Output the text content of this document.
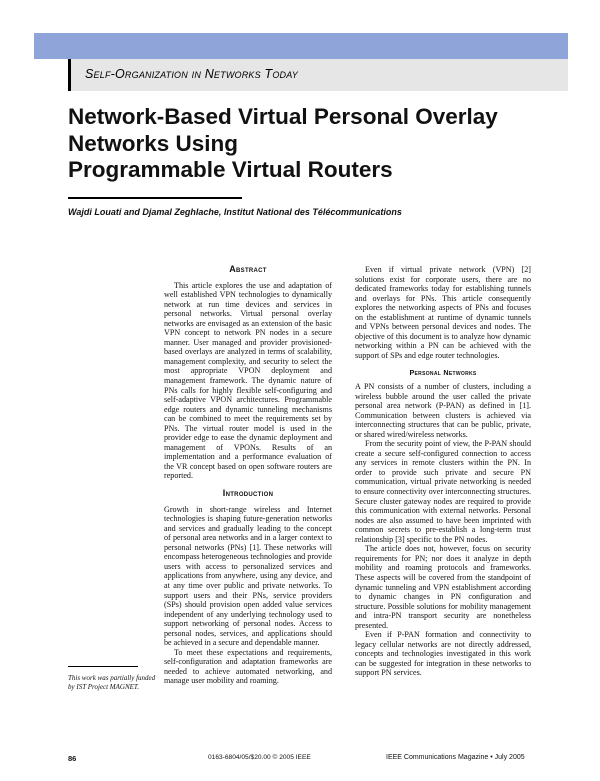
Self-Organization in Networks Today
Network-Based Virtual Personal Overlay
Networks Using
Programmable Virtual Routers
Wajdi Louati and Djamal Zeghlache, Institut National des Télécommunications
Abstract

This article explores the use and adaptation of well established VPN technologies to dynamically network at run time devices and services in personal networks. Virtual personal overlay networks are envisaged as an extension of the basic VPN concept to network PN nodes in a secure manner. User managed and provider provisioned-based overlays are analyzed in terms of scalability, management complexity, and security to select the most appropriate VPON deployment and management framework. The dynamic nature of PNs calls for highly flexible self-configuring and self-adaptive VPON architectures. Programmable edge routers and dynamic tunneling mechanisms can be combined to meet the requirements set by PNs. The virtual router model is used in the provider edge to ease the dynamic deployment and management of VPONs. Results of an implementation and a performance evaluation of the VR concept based on open software routers are reported.

Introduction

Growth in short-range wireless and Internet technologies is shaping future-generation networks and services and gradually leading to the concept of personal area networks and in a larger context to personal networks (PNs) [1]. These networks will encompass heterogeneous technologies and provide users with access to personalized services and applications from anywhere, using any device, and at any time over public and private networks. To support users and their PNs, service providers (SPs) should provision open added value services independent of any underlying technology used to support networking of personal nodes. Access to personal nodes, services, and applications should be achieved in a secure and dependable manner.

To meet these expectations and requirements, self-configuration and adaptation frameworks are needed to achieve automated networking, and manage user mobility and roaming.

Even if virtual private network (VPN) [2] solutions exist for corporate users, there are no dedicated frameworks today for establishing tunnels and overlays for PNs. This article consequently explores the networking aspects of PNs and focuses on the establishment at runtime of dynamic tunnels and VPNs between personal devices and nodes. The objective of this document is to analyze how dynamic networking within a PN can be achieved with the support of SPs and edge router technologies.

Personal Networks

A PN consists of a number of clusters, including a wireless bubble around the user called the private personal area network (P-PAN) as defined in [1]. Communication between clusters is achieved via interconnecting structures that can be public, private, or shared wired/wireless networks.

From the security point of view, the P-PAN should create a secure self-configured connection to access any services in remote clusters within the PN. In order to provide such private and secure PN communication, virtual private networking is needed to ensure connectivity over interconnecting structures. Secure cluster gateway nodes are required to provide this communication with external networks. Personal nodes are also assumed to have been imprinted with common secrets to pre-establish a long-term trust relationship [3] specific to the PN nodes.

The article does not, however, focus on security requirements for PN; nor does it analyze in depth mobility and roaming protocols and frameworks. These aspects will be covered from the standpoint of dynamic tunneling and VPN establishment according to dynamic changes in PN configuration and structure. Possible solutions for mobility management and intra-PN transport security are nonetheless presented.

Even if P-PAN formation and connectivity to legacy cellular networks are not directly addressed, concepts and technologies investigated in this work can be suggested for integration in these networks to support PN services.

This work was partially funded by IST Project MAGNET.
86	0163-6804/05/$20.00 © 2005 IEEE	IEEE Communications Magazine • July 2005
